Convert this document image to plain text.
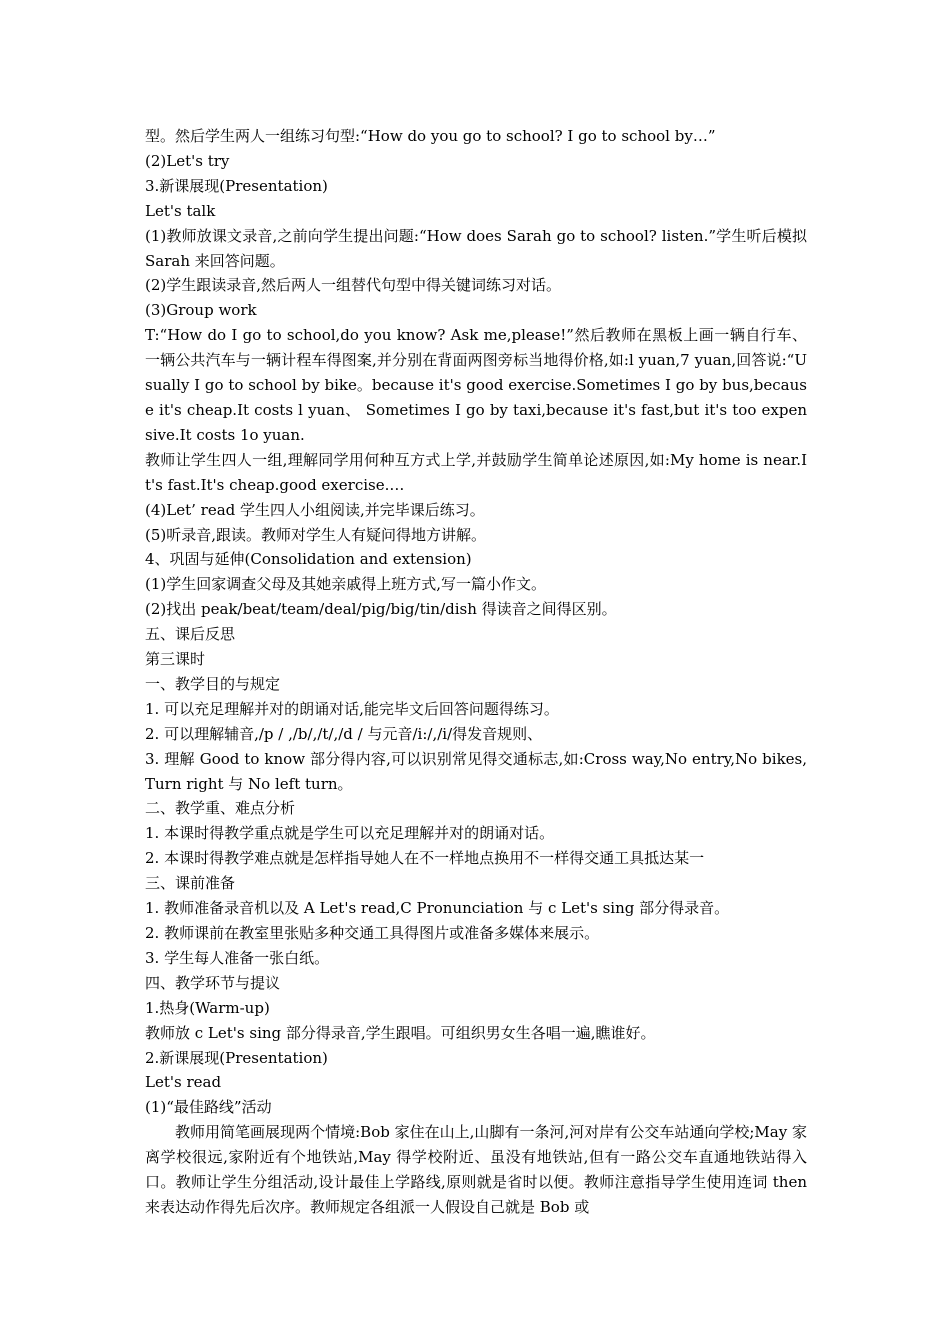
型。然后学生两人一组练习句型:“How do you go to school? I go to school by…”

(2)Let's try

3.新课展现(Presentation)

Let's talk

(1)教师放课文录音,之前向学生提出问题:“How does Sarah go to school? listen.”学生听后模拟 Sarah 来回答问题。

(2)学生跟读录音,然后两人一组替代句型中得关键词练习对话。

(3)Group work

T:“How do I go to school,do you know? Ask me,please!”然后教师在黑板上画一辆自行车、一辆公共汽车与一辆计程车得图案,并分别在背面两图旁标当地得价格,如:l yuan,7 yuan,回答说:“Usually I go to school by bike。because it's good exercise.Sometimes I go by bus,because it's cheap.It costs l yuan、 Sometimes I go by taxi,because it's fast,but it's too expensive.It costs 1o yuan.

教师让学生四人一组,理解同学用何种互方式上学,并鼓励学生简单论述原因,如:My home is near.It's fast.It's cheap.good exercise.…

(4)Let’ read 学生四人小组阅读,并完毕课后练习。

(5)听录音,跟读。教师对学生人有疑问得地方讲解。

4、巩固与延伸(Consolidation and extension)

(1)学生回家调查父母及其她亲戚得上班方式,写一篇小作文。

(2)找出 peak/beat/team/deal/pig/big/tin/dish 得读音之间得区别。

五、课后反思

第三课时

一、教学目的与规定

1. 可以充足理解并对的朗诵对话,能完毕文后回答问题得练习。

2. 可以理解辅音,/p / ,/b/,/t/,/d / 与元音/i:/,/i/得发音规则、

3. 理解 Good to know 部分得内容,可以识别常见得交通标志,如:Cross way,No entry,No bikes,Turn right 与 No left turn。

二、教学重、难点分析

1. 本课时得教学重点就是学生可以充足理解并对的朗诵对话。

2. 本课时得教学难点就是怎样指导她人在不一样地点换用不一样得交通工具抵达某一

三、课前准备

1. 教师准备录音机以及 A Let's read,C Pronunciation 与 c Let's sing 部分得录音。

2. 教师课前在教室里张贴多种交通工具得图片或准备多媒体来展示。

3. 学生每人准备一张白纸。

四、教学环节与提议

1.热身(Warm-up)

教师放 c Let's sing 部分得录音,学生跟唱。可组织男女生各唱一遍,瞧谁好。

2.新课展现(Presentation)

Let's read

(1)“最佳路线”活动

教师用简笔画展现两个情境:Bob 家住在山上,山脚有一条河,河对岸有公交车站通向学校;May 家离学校很远,家附近有个地铁站,May 得学校附近、虽没有地铁站,但有一路公交车直通地铁站得入口。教师让学生分组活动,设计最佳上学路线,原则就是省时以便。教师注意指导学生使用连词 then 来表达动作得先后次序。教师规定各组派一人假设自己就是 Bob 或
